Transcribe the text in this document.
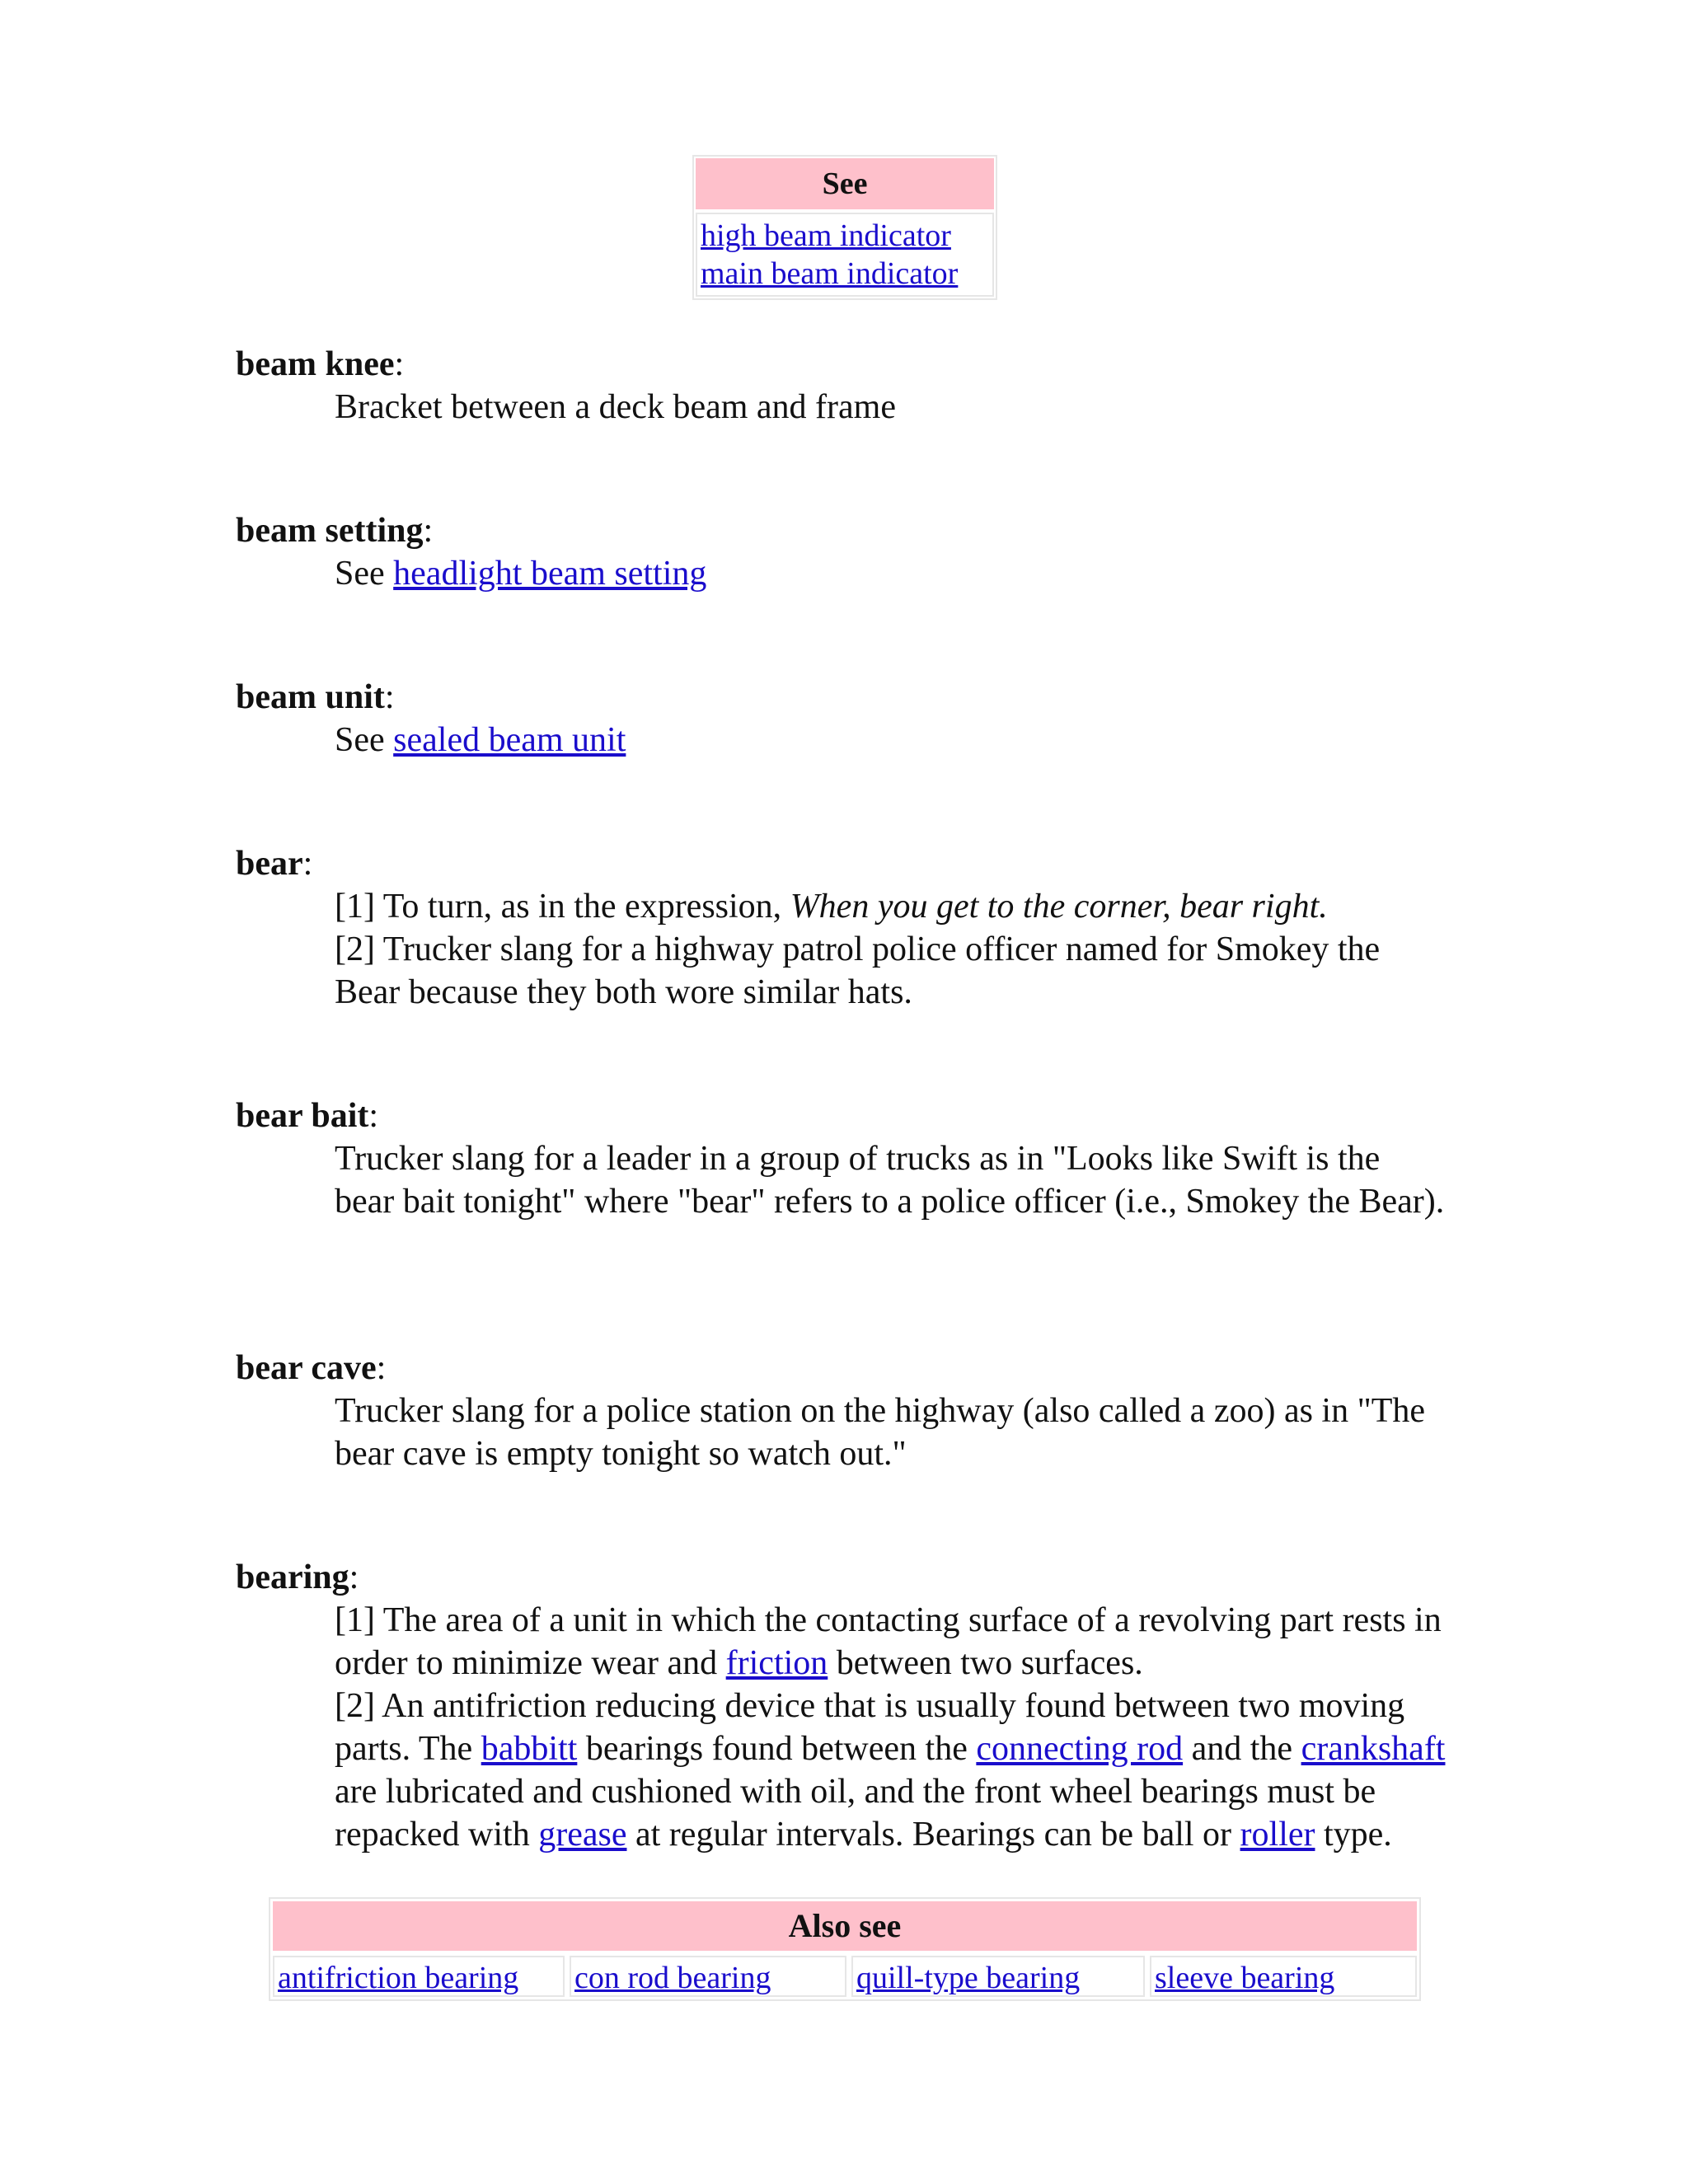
See
high beam indicator
main beam indicator
beam knee:
Bracket between a deck beam and frame
beam setting:
See headlight beam setting
beam unit:
See sealed beam unit
bear:
[1] To turn, as in the expression, When you get to the corner, bear right.
[2] Trucker slang for a highway patrol police officer named for Smokey the Bear because they both wore similar hats.
bear bait:
Trucker slang for a leader in a group of trucks as in "Looks like Swift is the bear bait tonight" where "bear" refers to a police officer (i.e., Smokey the Bear).
bear cave:
Trucker slang for a police station on the highway (also called a zoo) as in "The bear cave is empty tonight so watch out."
bearing:
[1] The area of a unit in which the contacting surface of a revolving part rests in order to minimize wear and friction between two surfaces.
[2] An antifriction reducing device that is usually found between two moving parts. The babbitt bearings found between the connecting rod and the crankshaft are lubricated and cushioned with oil, and the front wheel bearings must be repacked with grease at regular intervals. Bearings can be ball or roller type.
Also see
antifriction bearing	con rod bearing	quill-type bearing	sleeve bearing
